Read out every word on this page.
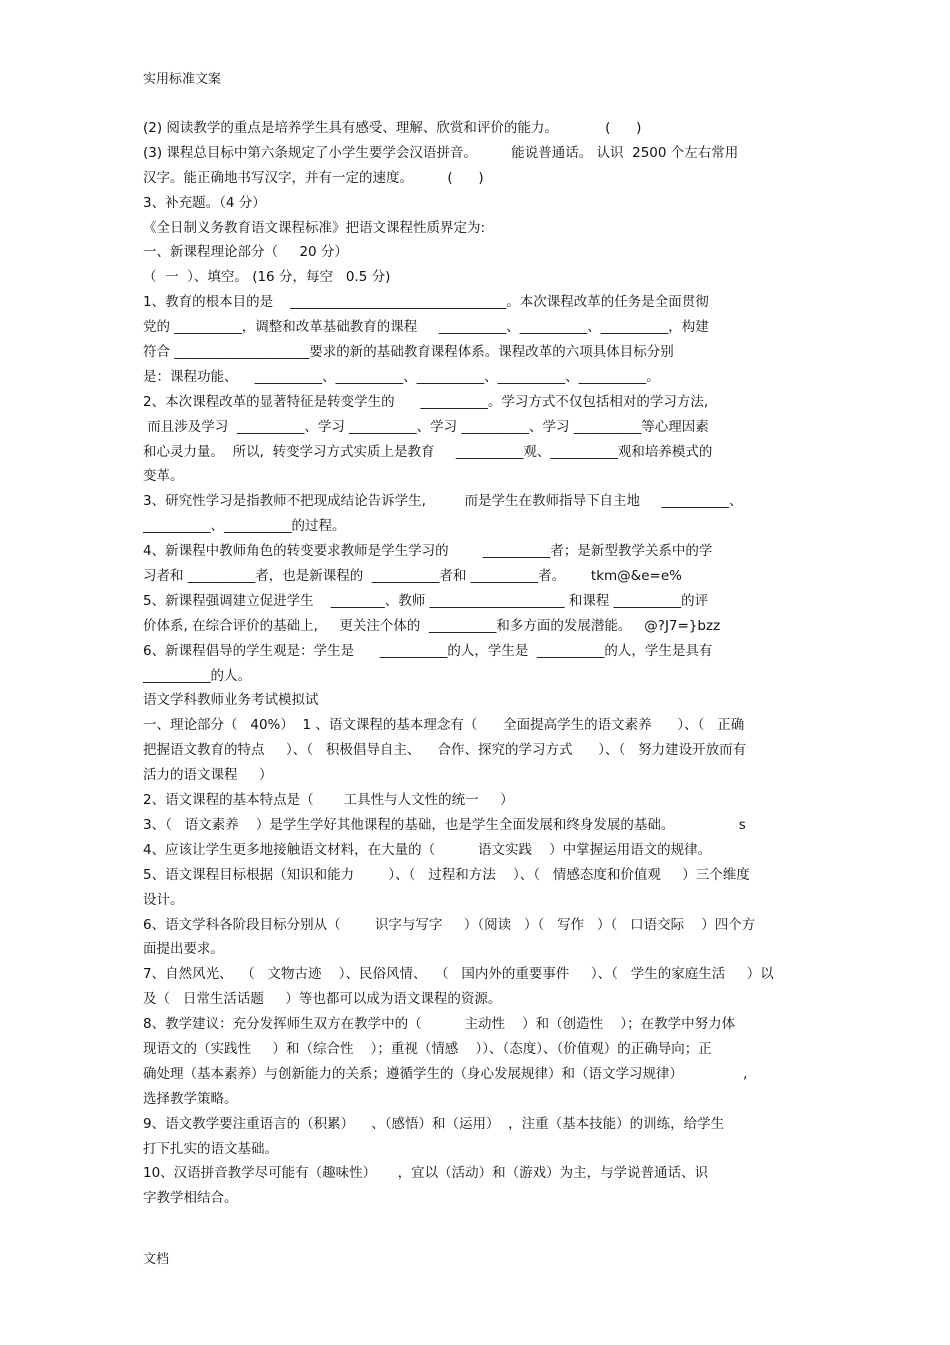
实用标准文案
(2) 阅读教学的重点是培养学生具有感受、理解、欣赏和评价的能力。           (      )
(3) 课程总目标中第六条规定了小学生要学会汉语拼音。        能说普通话。 认识  2500 个左右常用
汉字。能正确地书写汉字，并有一定的速度。        (      )
3、补充题。（4 分）
《全日制义务教育语文课程标准》把语文课程性质界定为:
一、新课程理论部分（     20 分）
（  一  ）、填空。 (16 分，每空   0.5 分)
1、教育的根本目的是    ________________________________。本次课程改革的任务是全面贯彻
党的 __________，调整和改革基础教育的课程     __________、__________、__________，构建
符合 ____________________要求的新的基础教育课程体系。课程改革的六项具体目标分别
是：课程功能、    __________、__________、__________、__________、__________。
2、本次课程改革的显著特征是转变学生的      __________。学习方式不仅包括相对的学习方法,
而且涉及学习  __________、学习 __________、学习 __________、学习 __________等心理因素
和心灵力量。  所以,  转变学习方式实质上是教育     __________观、__________观和培养模式的
变革。
3、研究性学习是指教师不把现成结论告诉学生,         而是学生在教师指导下自主地     __________、
__________、__________的过程。
4、新课程中教师角色的转变要求教师是学生学习的        __________者；是新型教学关系中的学
习者和 __________者，也是新课程的  __________者和 __________者。      tkm@&e=e%
5、新课程强调建立促进学生    ________、教师 ____________________ 和课程 __________的评
价体系, 在综合评价的基础上,     更关注个体的  __________和多方面的发展潜能。   @?J7=}bzz
6、新课程倡导的学生观是：学生是      __________的人，学生是  __________的人，学生是具有
__________的人。
语文学科教师业务考试模拟试
一、理论部分（   40%）  1 、语文课程的基本理念有（      全面提高学生的语文素养      ）、（   正确
把握语文教育的特点     ）、（   积极倡导自主、    合作、探究的学习方式      ）、（   努力建设开放而有
活力的语文课程     ）
2、语文课程的基本特点是（       工具性与人文性的统一     ）
3、（   语文素养    ）是学生学好其他课程的基础，也是学生全面发展和终身发展的基础。               s
4、应该让学生更多地接触语文材料，在大量的（          语文实践    ）中掌握运用语文的规律。
5、语文课程目标根据（知识和能力        ）、（   过程和方法    ）、（   情感态度和价值观     ）三个维度
设计。
6、语文学科各阶段目标分别从（        识字与写字     ）（阅读   ）（   写作   ）（   口语交际    ）四个方
面提出要求。
7、自然风光、  （   文物古迹    ）、民俗风情、  （   国内外的重要事件     ）、（   学生的家庭生活     ）以
及（   日常生活话题     ）等也都可以成为语文课程的资源。
8、教学建议：充分发挥师生双方在教学中的（          主动性    ）和（创造性    ）；在教学中努力体
现语文的（实践性     ）和（综合性    ）；重视（情感    ））、（态度）、（价值观）的正确导向；正
确处理（基本素养）与创新能力的关系；遵循学生的（身心发展规律）和（语文学习规律）              ,
选择教学策略。
9、语文教学要注重语言的（积累）    、（感悟）和（运用）  ，注重（基本技能）的训练，给学生
打下扎实的语文基础。
10、汉语拼音教学尽可能有（趣味性）     ，宜以（活动）和（游戏）为主，与学说普通话、识
字教学相结合。
文档
